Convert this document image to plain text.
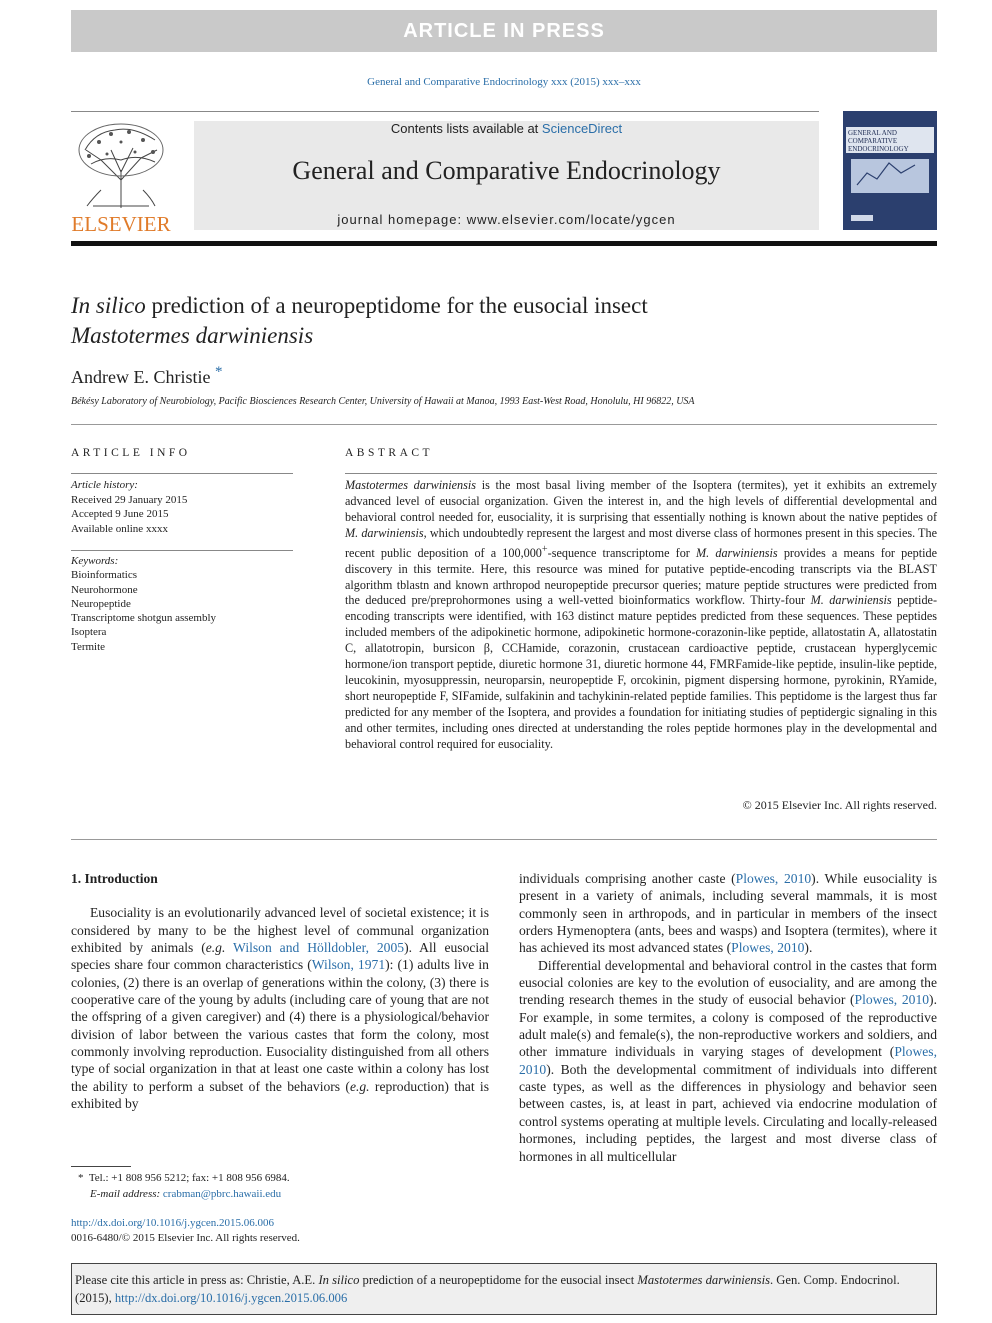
ARTICLE IN PRESS
General and Comparative Endocrinology xxx (2015) xxx–xxx
ELSEVIER
Contents lists available at ScienceDirect
General and Comparative Endocrinology
journal homepage: www.elsevier.com/locate/ygcen
GENERAL AND COMPARATIVE ENDOCRINOLOGY
In silico prediction of a neuropeptidome for the eusocial insect
Mastotermes darwiniensis
Andrew E. Christie *
Békésy Laboratory of Neurobiology, Pacific Biosciences Research Center, University of Hawaii at Manoa, 1993 East-West Road, Honolulu, HI 96822, USA
ARTICLE INFO
Article history:
Received 29 January 2015
Accepted 9 June 2015
Available online xxxx
Keywords:
Bioinformatics
Neurohormone
Neuropeptide
Transcriptome shotgun assembly
Isoptera
Termite
ABSTRACT
Mastotermes darwiniensis is the most basal living member of the Isoptera (termites), yet it exhibits an extremely advanced level of eusocial organization. Given the interest in, and the high levels of differential developmental and behavioral control needed for, eusociality, it is surprising that essentially nothing is known about the native peptides of M. darwiniensis, which undoubtedly represent the largest and most diverse class of hormones present in this species. The recent public deposition of a 100,000+-sequence transcriptome for M. darwiniensis provides a means for peptide discovery in this termite. Here, this resource was mined for putative peptide-encoding transcripts via the BLAST algorithm tblastn and known arthropod neuropeptide precursor queries; mature peptide structures were predicted from the deduced pre/preprohormones using a well-vetted bioinformatics workflow. Thirty-four M. darwiniensis peptide-encoding transcripts were identified, with 163 distinct mature peptides predicted from these sequences. These peptides included members of the adipokinetic hormone, adipokinetic hormone-corazonin-like peptide, allatostatin A, allatostatin C, allatotropin, bursicon β, CCHamide, corazonin, crustacean cardioactive peptide, crustacean hyperglycemic hormone/ion transport peptide, diuretic hormone 31, diuretic hormone 44, FMRFamide-like peptide, insulin-like peptide, leucokinin, myosuppressin, neuroparsin, neuropeptide F, orcokinin, pigment dispersing hormone, pyrokinin, RYamide, short neuropeptide F, SIFamide, sulfakinin and tachykinin-related peptide families. This peptidome is the largest thus far predicted for any member of the Isoptera, and provides a foundation for initiating studies of peptidergic signaling in this and other termites, including ones directed at understanding the roles peptide hormones play in the developmental and behavioral control required for eusociality.
© 2015 Elsevier Inc. All rights reserved.
1. Introduction

Eusociality is an evolutionarily advanced level of societal existence; it is considered by many to be the highest level of communal organization exhibited by animals (e.g. Wilson and Hölldobler, 2005). All eusocial species share four common characteristics (Wilson, 1971): (1) adults live in colonies, (2) there is an overlap of generations within the colony, (3) there is cooperative care of the young by adults (including care of young that are not the offspring of a given caregiver) and (4) there is a physiological/behavior division of labor between the various castes that form the colony, most commonly involving reproduction. Eusociality distinguished from all others type of social organization in that at least one caste within a colony has lost the ability to perform a subset of the behaviors (e.g. reproduction) that is exhibited by

individuals comprising another caste (Plowes, 2010). While eusociality is present in a variety of animals, including several mammals, it is most commonly seen in arthropods, and in particular in members of the insect orders Hymenoptera (ants, bees and wasps) and Isoptera (termites), where it has achieved its most advanced states (Plowes, 2010).

Differential developmental and behavioral control in the castes that form eusocial colonies are key to the evolution of eusociality, and are among the trending research themes in the study of eusocial behavior (Plowes, 2010). For example, in some termites, a colony is composed of the reproductive adult male(s) and female(s), the non-reproductive workers and soldiers, and other immature individuals in varying stages of development (Plowes, 2010). Both the developmental commitment of individuals into different caste types, as well as the differences in physiology and behavior seen between castes, is, at least in part, achieved via endocrine modulation of control systems operating at multiple levels. Circulating and locally-released hormones, including peptides, the largest and most diverse class of hormones in all multicellular

* Tel.: +1 808 956 5212; fax: +1 808 956 6984.
E-mail address: crabman@pbrc.hawaii.edu
http://dx.doi.org/10.1016/j.ygcen.2015.06.006
0016-6480/© 2015 Elsevier Inc. All rights reserved.
Please cite this article in press as: Christie, A.E. In silico prediction of a neuropeptidome for the eusocial insect Mastotermes darwiniensis. Gen. Comp. Endocrinol. (2015), http://dx.doi.org/10.1016/j.ygcen.2015.06.006
